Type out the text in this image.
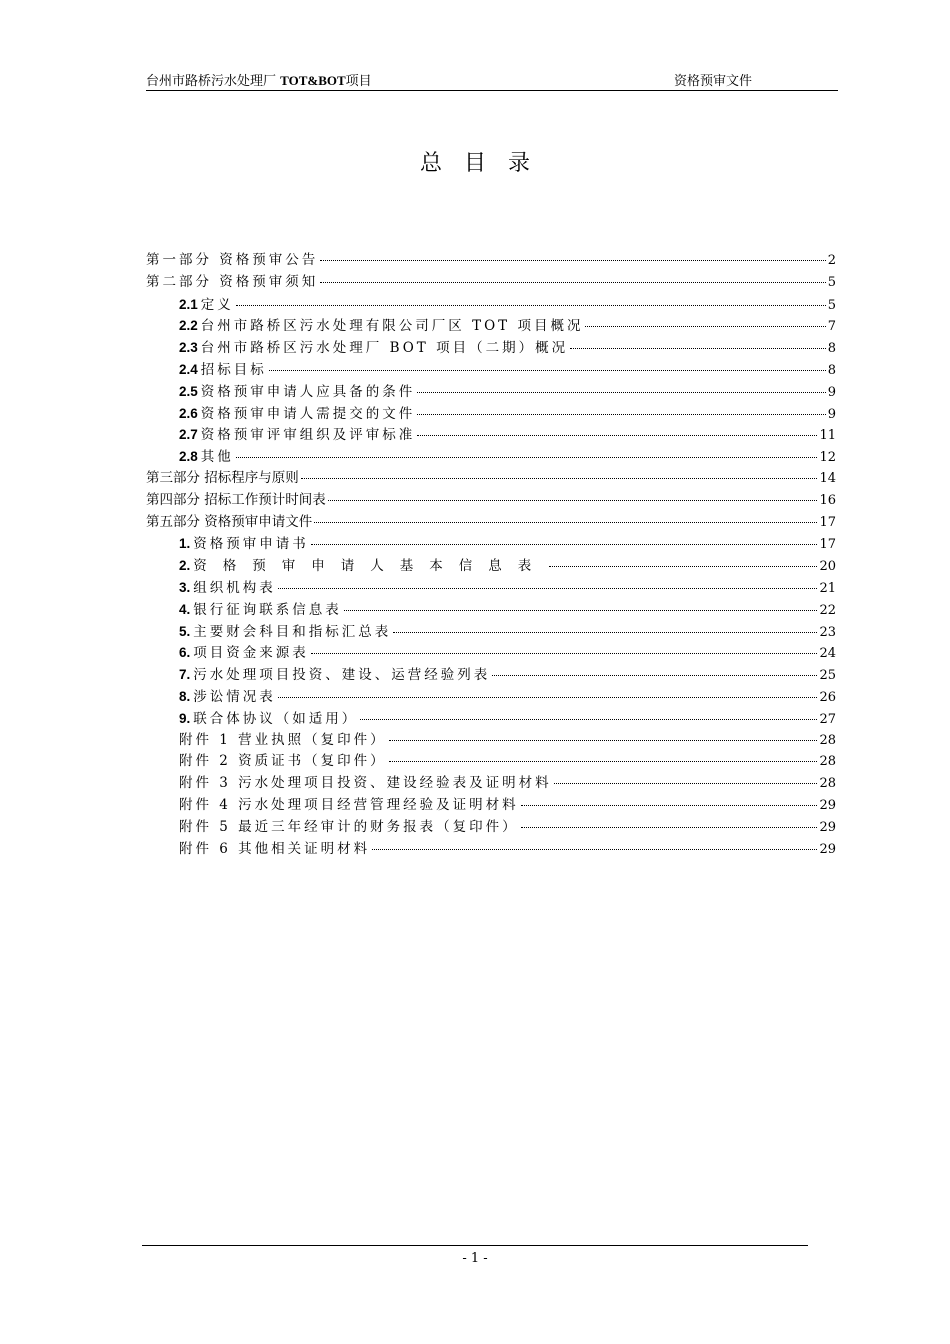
台州市路桥污水处理厂 TOT&BOT项目	资格预审文件
总目录
第一部分 资格预审公告	2
第二部分 资格预审须知	5
2.1 定义	5
2.2 台州市路桥区污水处理有限公司厂区 TOT 项目概况	7
2.3 台州市路桥区污水处理厂 BOT 项目（二期）概况	8
2.4 招标目标	8
2.5 资格预审申请人应具备的条件	9
2.6 资格预审申请人需提交的文件	9
2.7 资格预审评审组织及评审标准	11
2.8 其他	12
第三部分 招标程序与原则	14
第四部分 招标工作预计时间表	16
第五部分 资格预审申请文件	17
1. 资格预审申请书	17
2. 资格预审申请人基本信息表	20
3. 组织机构表	21
4. 银行征询联系信息表	22
5. 主要财会科目和指标汇总表	23
6. 项目资金来源表	24
7. 污水处理项目投资、建设、运营经验列表	25
8. 涉讼情况表	26
9. 联合体协议（如适用）	27
附件 1 营业执照（复印件）	28
附件 2 资质证书（复印件）	28
附件 3 污水处理项目投资、建设经验表及证明材料	28
附件 4 污水处理项目经营管理经验及证明材料	29
附件 5 最近三年经审计的财务报表（复印件）	29
附件 6 其他相关证明材料	29
- 1 -
